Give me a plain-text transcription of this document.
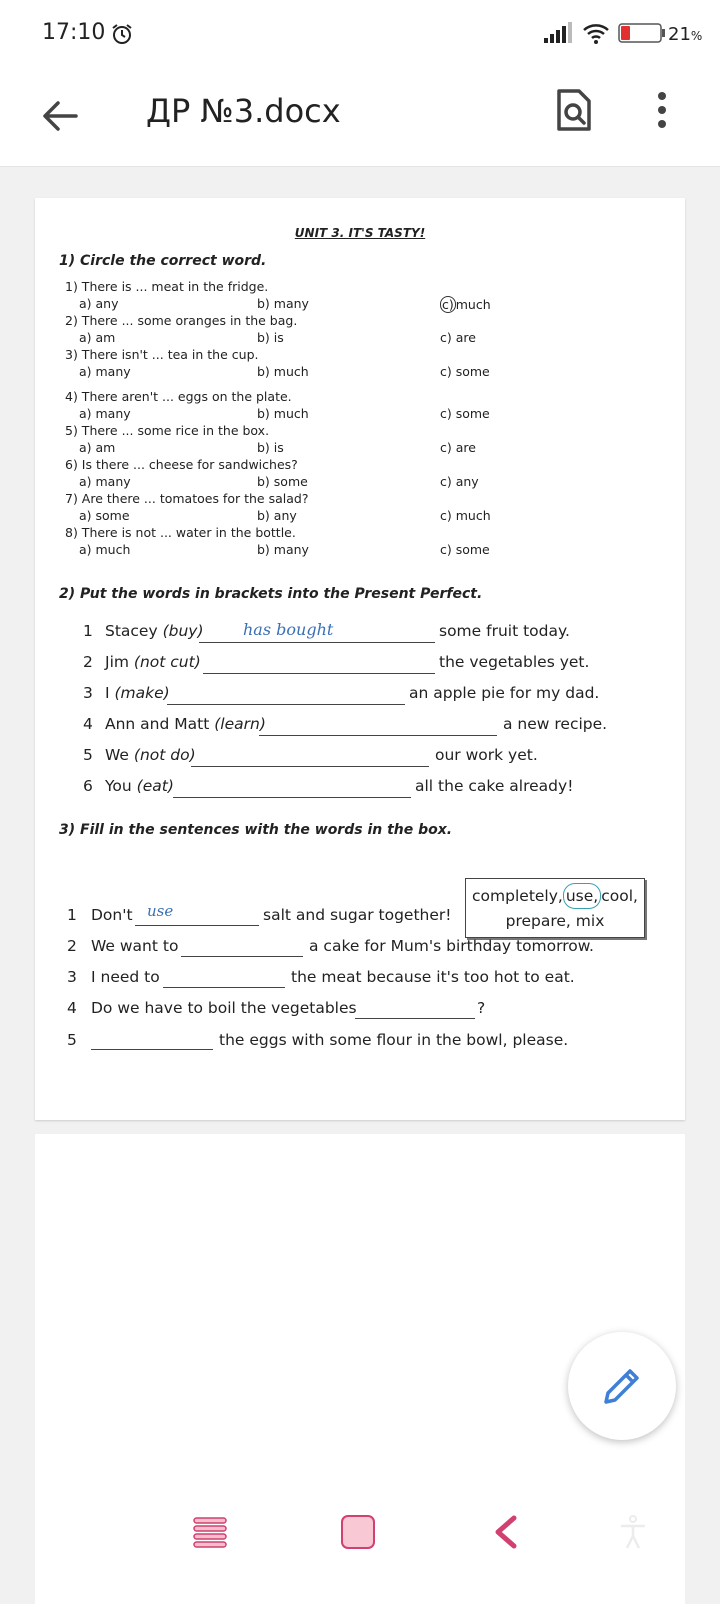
17:10	21%
ДР №3.docx
UNIT 3. IT'S TASTY!
1) Circle the correct word.
1) There is ... meat in the fridge.
a) any	b) many	c) much
2) There ... some oranges in the bag.
a) am	b) is	c) are
3) There isn't ... tea in the cup.
a) many	b) much	c) some
4) There aren't ... eggs on the plate.
a) many	b) much	c) some
5) There ... some rice in the box.
a) am	b) is	c) are
6) Is there ... cheese for sandwiches?
a) many	b) some	c) any
7) Are there ... tomatoes for the salad?
a) some	b) any	c) much
8) There is not ... water in the bottle.
a) much	b) many	c) some
2) Put the words in brackets into the Present Perfect.
1 Stacey (buy) has bought	some fruit today.
2 Jim (not cut)	the vegetables yet.
3 I (make)	an apple pie for my dad.
4 Ann and Matt (learn)	a new recipe.
5 We (not do)	our work yet.
6 You (eat)	all the cake already!
3) Fill in the sentences with the words in the box.
completely, use, cool,
prepare, mix
1 Don't use	salt and sugar together!
2 We want to	a cake for Mum's birthday tomorrow.
3 I need to	the meat because it's too hot to eat.
4 Do we have to boil the vegetables	?
5	the eggs with some flour in the bowl, please.
